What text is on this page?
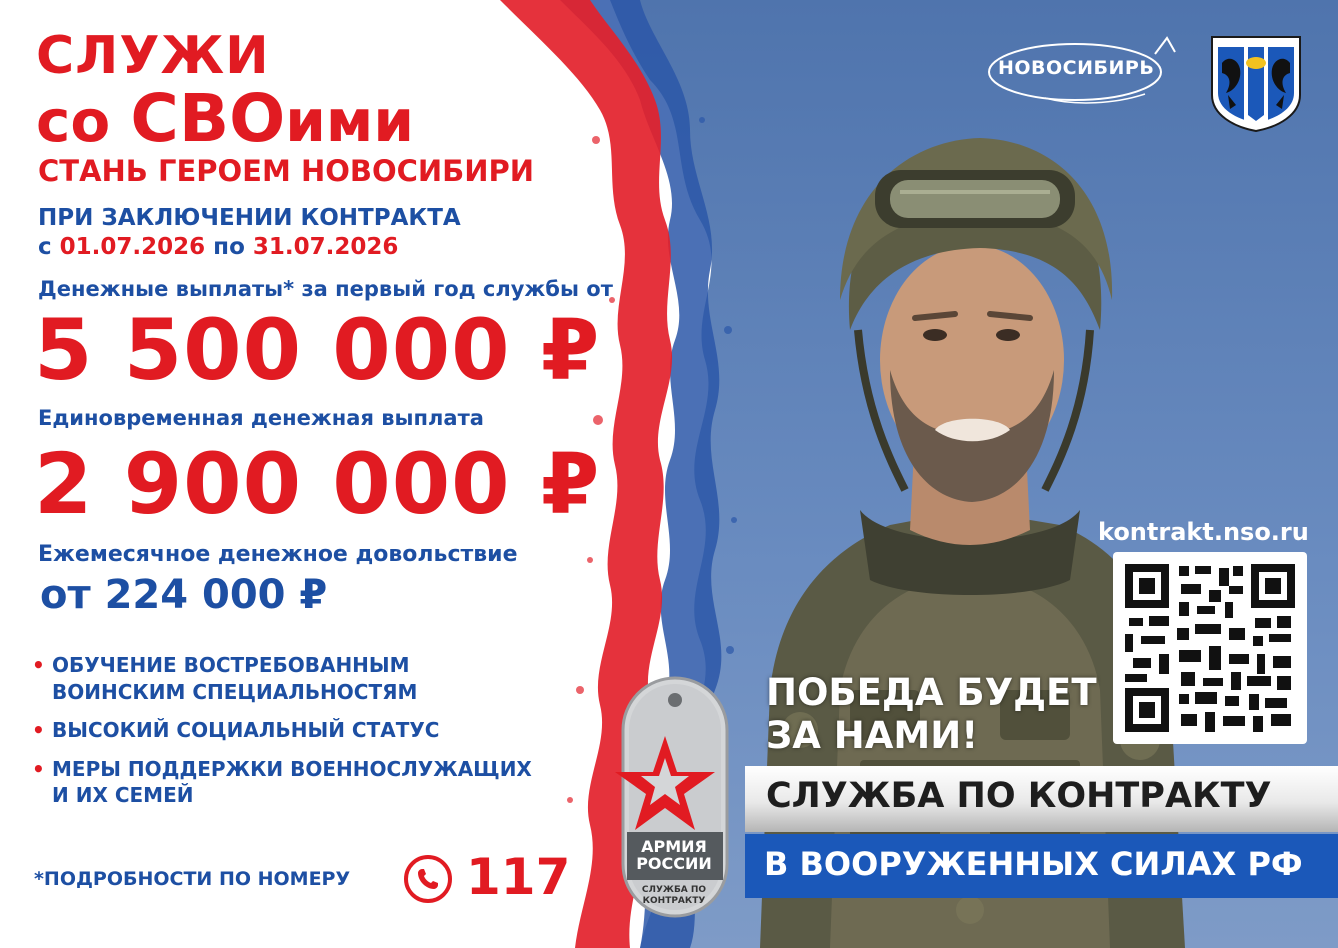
НОВОСИБИРЬ
СЛУЖИ
со СВОими
СТАНЬ ГЕРОЕМ НОВОСИБИРИ
ПРИ ЗАКЛЮЧЕНИИ КОНТРАКТА
с 01.07.2026 по 31.07.2026
Денежные выплаты* за первый год службы от
5 500 000 ₽
Единовременная денежная выплата
2 900 000 ₽
Ежемесячное денежное довольствие
от 224 000 ₽
• ОБУЧЕНИЕ ВОСТРЕБОВАННЫМ
ВОИНСКИМ СПЕЦИАЛЬНОСТЯМ
• ВЫСОКИЙ СОЦИАЛЬНЫЙ СТАТУС
• МЕРЫ ПОДДЕРЖКИ ВОЕННОСЛУЖАЩИХ
И ИХ СЕМЕЙ
*ПОДРОБНОСТИ ПО НОМЕРУ 117
kontrakt.nso.ru
ПОБЕДА БУДЕТ
ЗА НАМИ!
СЛУЖБА ПО КОНТРАКТУ
В ВООРУЖЕННЫХ СИЛАХ РФ
АРМИЯ РОССИИ
СЛУЖБА ПО КОНТРАКТУ
